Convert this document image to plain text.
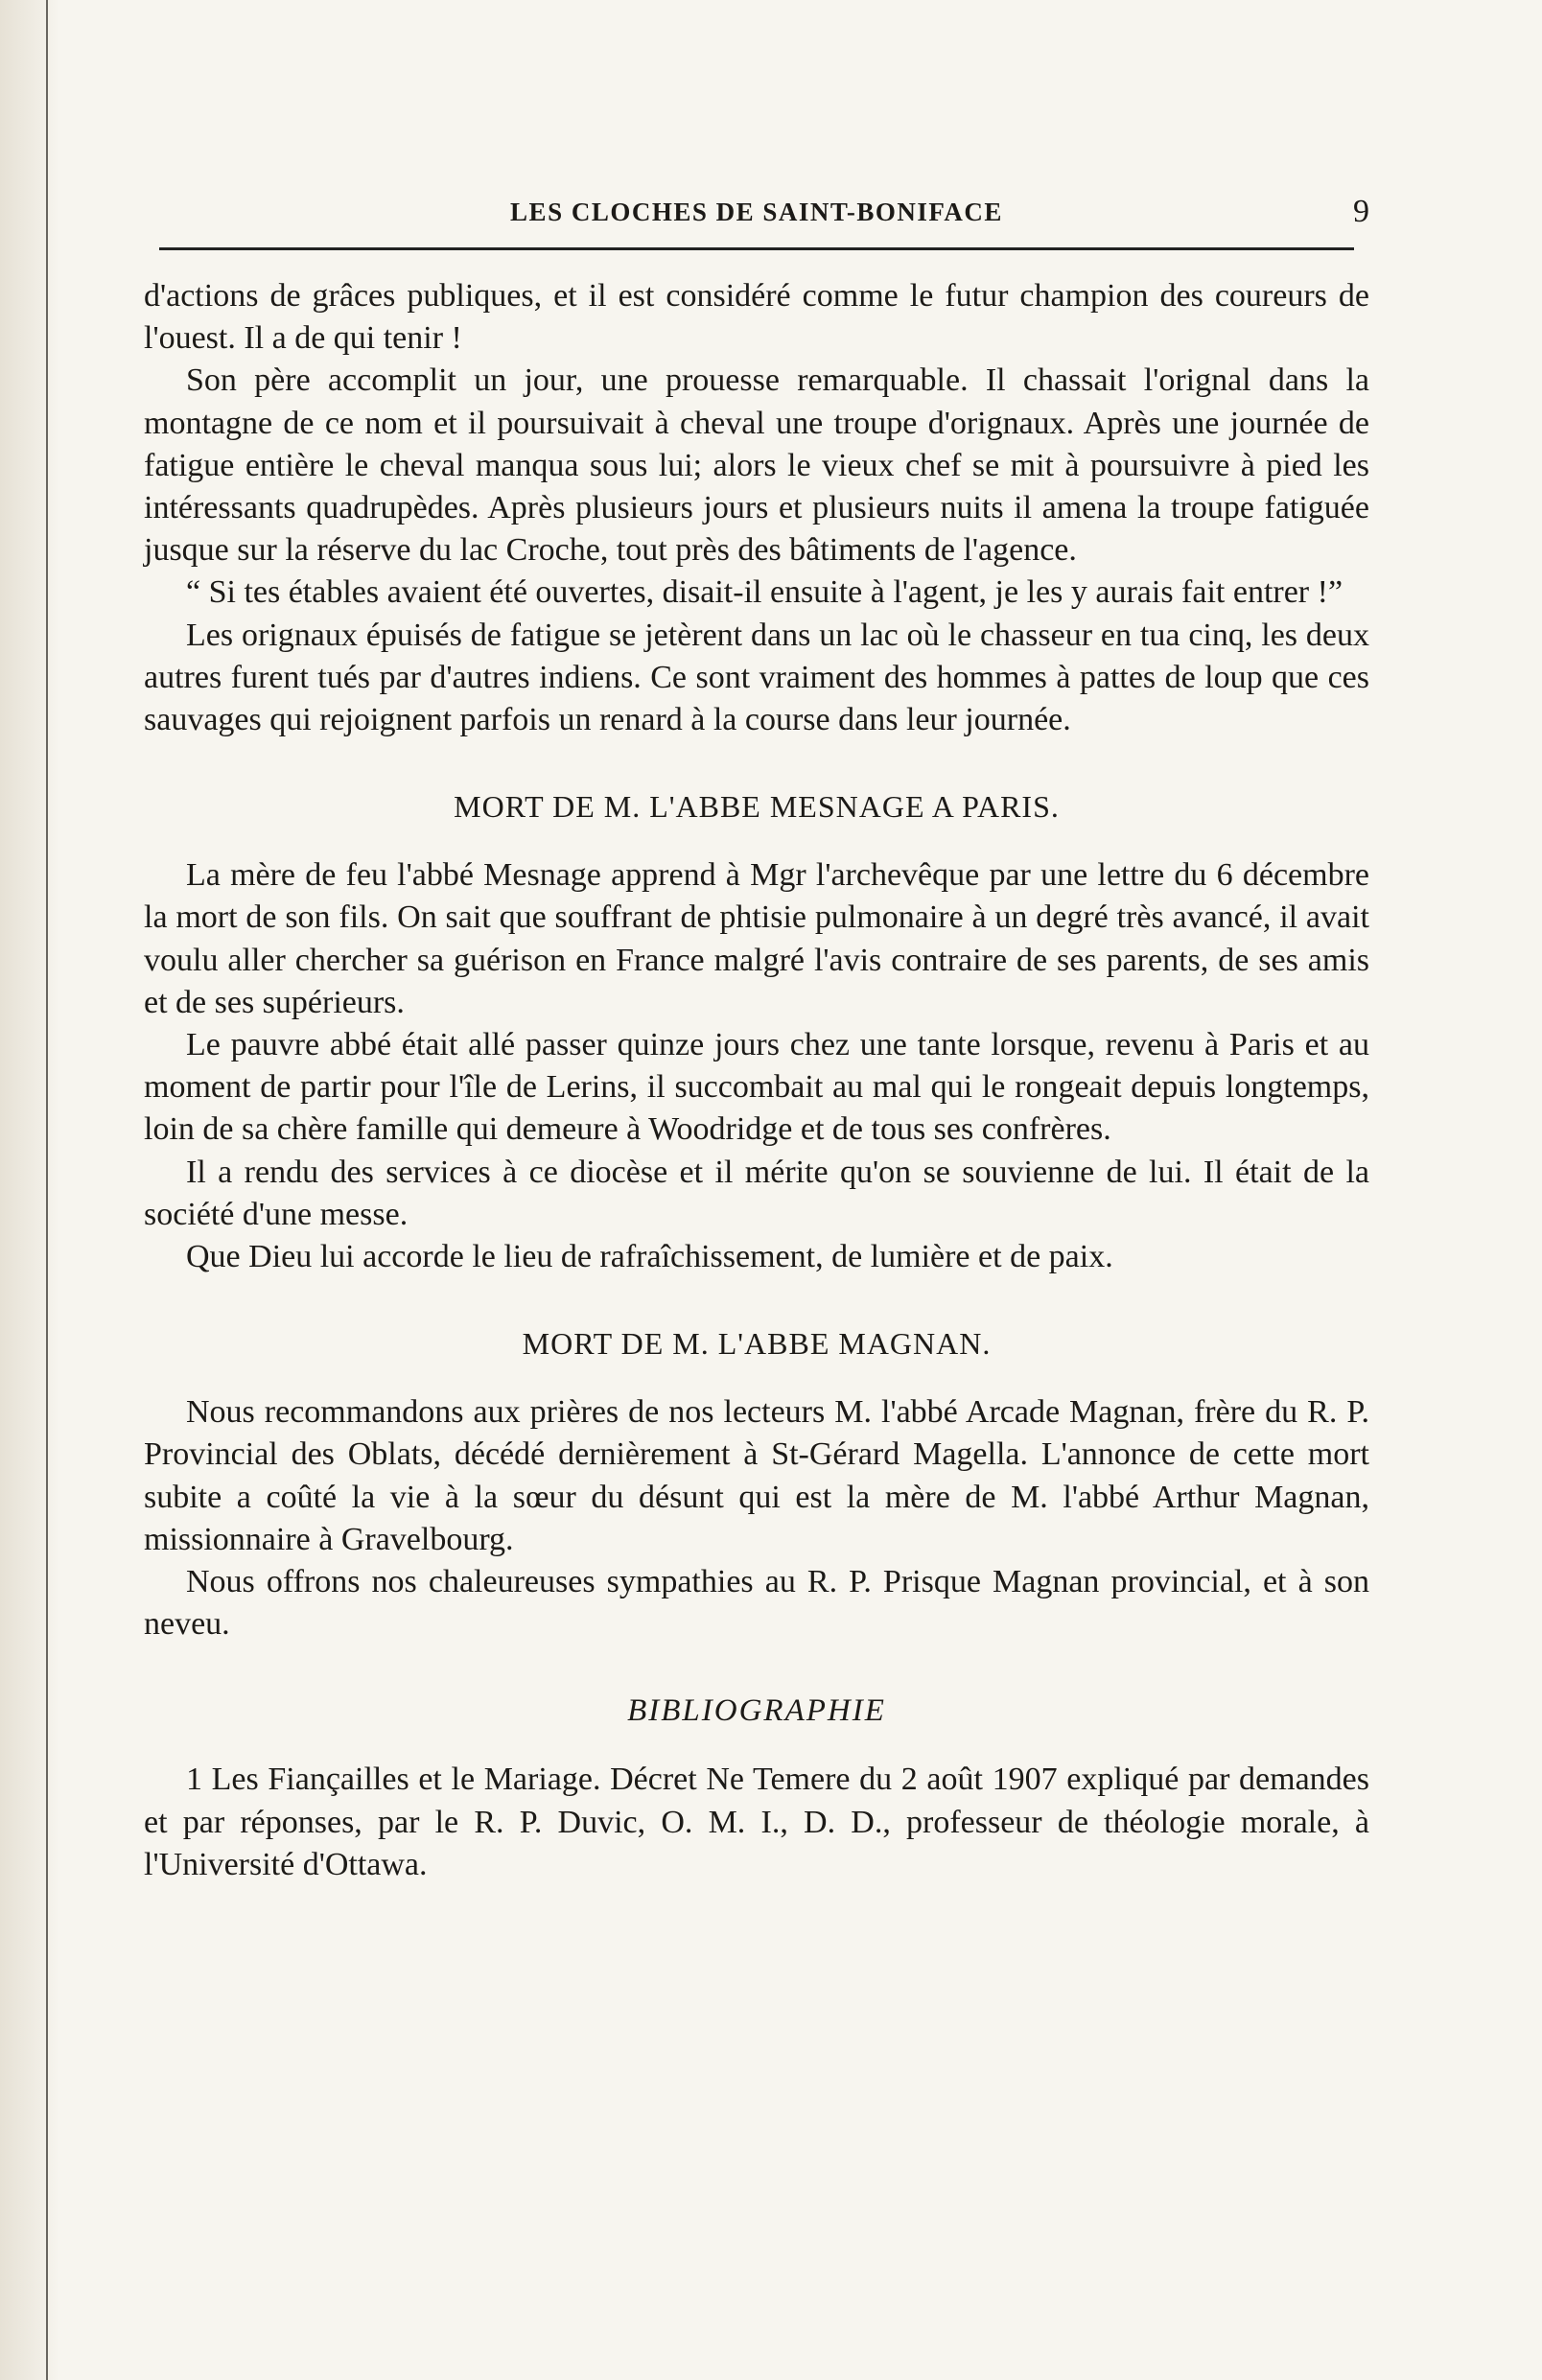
LES CLOCHES DE SAINT-BONIFACE	9

d'actions de grâces publiques, et il est considéré comme le futur champion des coureurs de l'ouest. Il a de qui tenir !

Son père accomplit un jour, une prouesse remarquable. Il chassait l'orignal dans la montagne de ce nom et il poursuivait à cheval une troupe d'orignaux. Après une journée de fatigue entière le cheval manqua sous lui; alors le vieux chef se mit à poursuivre à pied les intéressants quadrupèdes. Après plusieurs jours et plusieurs nuits il amena la troupe fatiguée jusque sur la réserve du lac Croche, tout près des bâtiments de l'agence.

“ Si tes étables avaient été ouvertes, disait-il ensuite à l'agent, je les y aurais fait entrer !”

Les orignaux épuisés de fatigue se jetèrent dans un lac où le chasseur en tua cinq, les deux autres furent tués par d'autres indiens. Ce sont vraiment des hommes à pattes de loup que ces sauvages qui rejoignent parfois un renard à la course dans leur journée.

MORT DE M. L'ABBE MESNAGE A PARIS.

La mère de feu l'abbé Mesnage apprend à Mgr l'archevêque par une lettre du 6 décembre la mort de son fils. On sait que souffrant de phtisie pulmonaire à un degré très avancé, il avait voulu aller chercher sa guérison en France malgré l'avis contraire de ses parents, de ses amis et de ses supérieurs.

Le pauvre abbé était allé passer quinze jours chez une tante lorsque, revenu à Paris et au moment de partir pour l'île de Lerins, il succombait au mal qui le rongeait depuis longtemps, loin de sa chère famille qui demeure à Woodridge et de tous ses confrères.

Il a rendu des services à ce diocèse et il mérite qu'on se souvienne de lui. Il était de la société d'une messe.

Que Dieu lui accorde le lieu de rafraîchissement, de lumière et de paix.

MORT DE M. L'ABBE MAGNAN.

Nous recommandons aux prières de nos lecteurs M. l'abbé Arcade Magnan, frère du R. P. Provincial des Oblats, décédé dernièrement à St-Gérard Magella. L'annonce de cette mort subite a coûté la vie à la sœur du désunt qui est la mère de M. l'abbé Arthur Magnan, missionnaire à Gravelbourg.

Nous offrons nos chaleureuses sympathies au R. P. Prisque Magnan provincial, et à son neveu.

BIBLIOGRAPHIE

1 Les Fiançailles et le Mariage. Décret Ne Temere du 2 août 1907 expliqué par demandes et par réponses, par le R. P. Duvic, O. M. I., D. D., professeur de théologie morale, à l'Université d'Ottawa.
